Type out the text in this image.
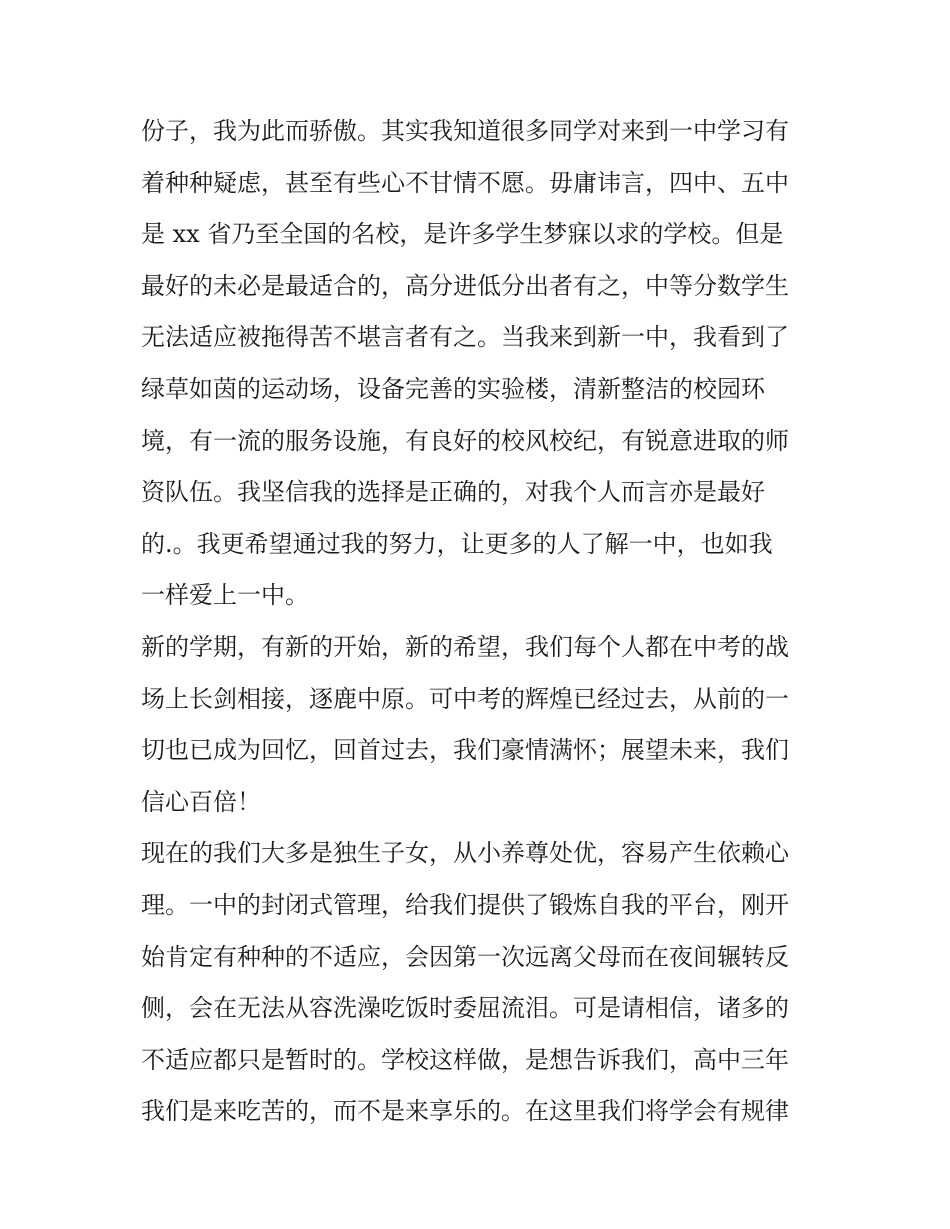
份子，我为此而骄傲。其实我知道很多同学对来到一中学习有
着种种疑虑，甚至有些心不甘情不愿。毋庸讳言，四中、五中
是 xx 省乃至全国的名校，是许多学生梦寐以求的学校。但是
最好的未必是最适合的，高分进低分出者有之，中等分数学生
无法适应被拖得苦不堪言者有之。当我来到新一中，我看到了
绿草如茵的运动场，设备完善的实验楼，清新整洁的校园环
境，有一流的服务设施，有良好的校风校纪，有锐意进取的师
资队伍。我坚信我的选择是正确的，对我个人而言亦是最好
的.。我更希望通过我的努力，让更多的人了解一中，也如我
一样爱上一中。
新的学期，有新的开始，新的希望，我们每个人都在中考的战
场上长剑相接，逐鹿中原。可中考的辉煌已经过去，从前的一
切也已成为回忆，回首过去，我们豪情满怀；展望未来，我们
信心百倍！
现在的我们大多是独生子女，从小养尊处优，容易产生依赖心
理。一中的封闭式管理，给我们提供了锻炼自我的平台，刚开
始肯定有种种的不适应，会因第一次远离父母而在夜间辗转反
侧，会在无法从容洗澡吃饭时委屈流泪。可是请相信，诸多的
不适应都只是暂时的。学校这样做，是想告诉我们，高中三年
我们是来吃苦的，而不是来享乐的。在这里我们将学会有规律
